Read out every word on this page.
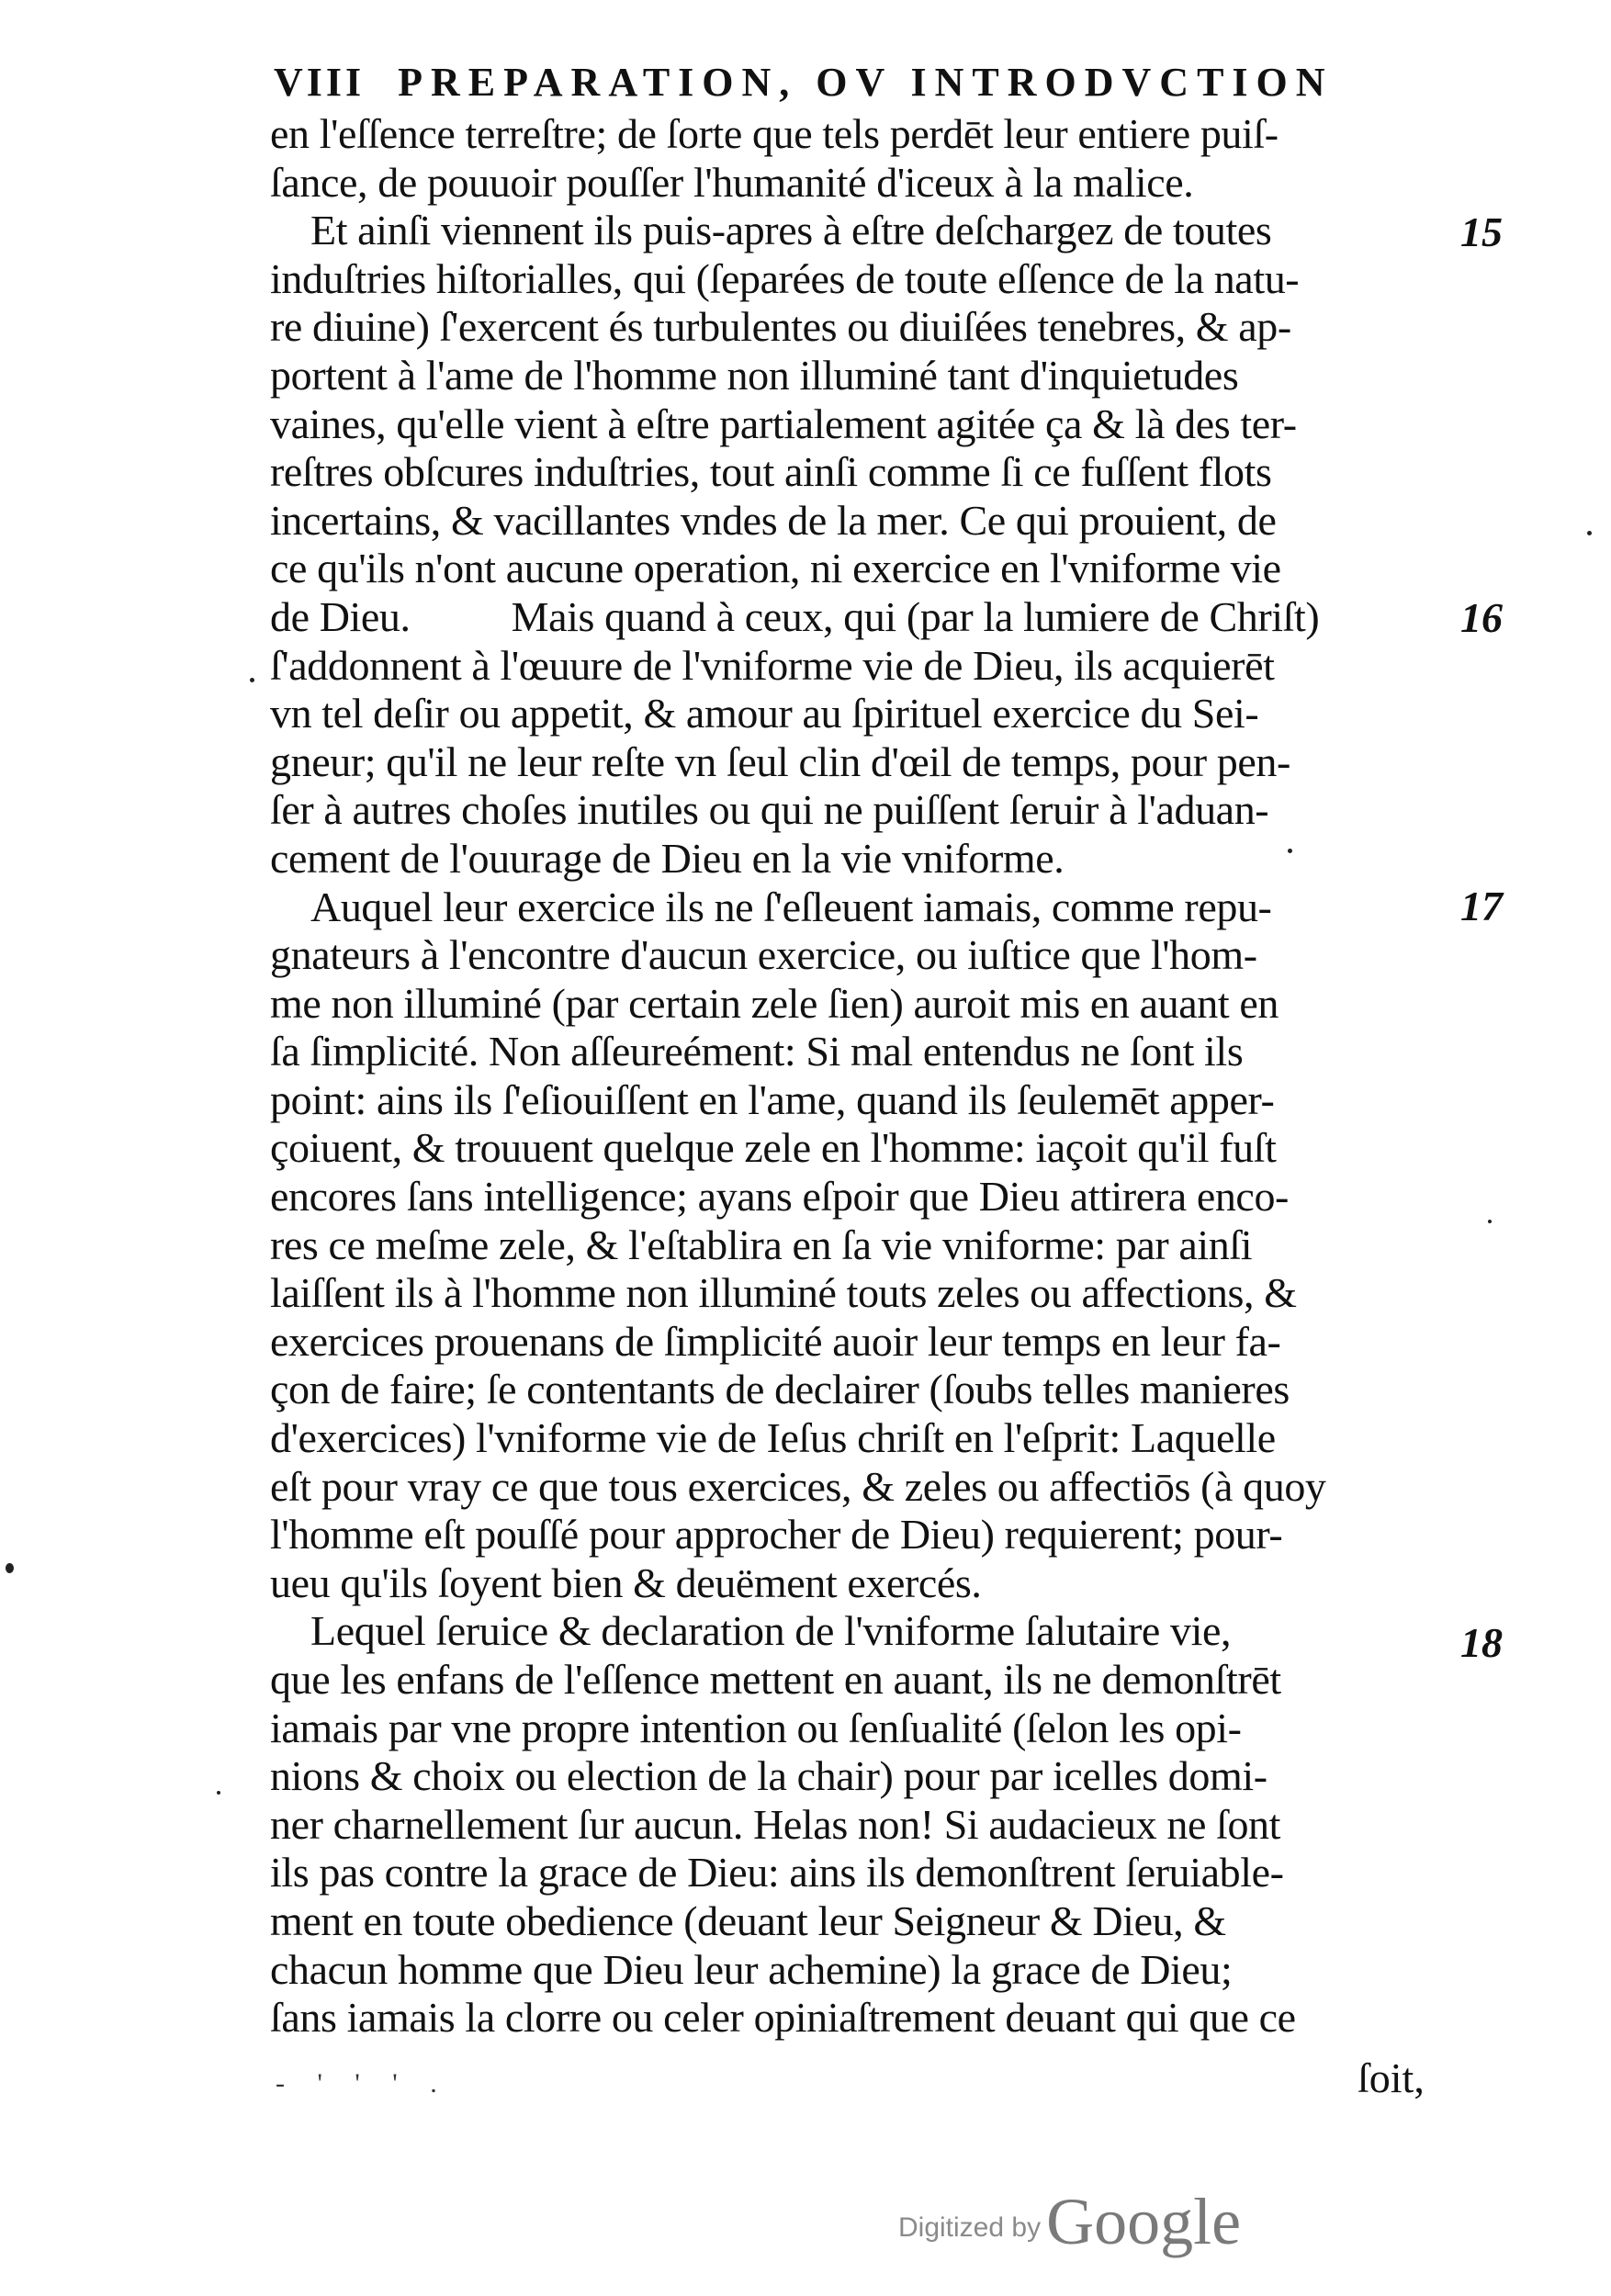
VIII PREPARATION, OV INTRODVCTION
en l'eſſence terreſtre; de ſorte que tels perdēt leur entiere puiſ-
ſance, de pouuoir pouſſer l'humanité d'iceux à la malice.
Et ainſi viennent ils puis-apres à eſtre deſchargez de toutes
induſtries hiſtorialles, qui (ſeparées de toute eſſence de la natu-
re diuine) ſ'exercent és turbulentes ou diuiſées tenebres, & ap-
portent à l'ame de l'homme non illuminé tant d'inquietudes
vaines, qu'elle vient à eſtre partialement agitée ça & là des ter-
reſtres obſcures induſtries, tout ainſi comme ſi ce fuſſent flots
incertains, & vacillantes vndes de la mer. Ce qui prouient, de
ce qu'ils n'ont aucune operation, ni exercice en l'vniforme vie
de Dieu. Mais quand à ceux, qui (par la lumiere de Chriſt)
ſ'addonnent à l'œuure de l'vniforme vie de Dieu, ils acquierēt
vn tel deſir ou appetit, & amour au ſpirituel exercice du Sei-
gneur; qu'il ne leur reſte vn ſeul clin d'œil de temps, pour pen-
ſer à autres choſes inutiles ou qui ne puiſſent ſeruir à l'aduan-
cement de l'ouurage de Dieu en la vie vniforme.
Auquel leur exercice ils ne ſ'eſleuent iamais, comme repu-
gnateurs à l'encontre d'aucun exercice, ou iuſtice que l'hom-
me non illuminé (par certain zele ſien) auroit mis en auant en
ſa ſimplicité. Non aſſeureément: Si mal entendus ne ſont ils
point: ains ils ſ'eſiouiſſent en l'ame, quand ils ſeulemēt apper-
çoiuent, & trouuent quelque zele en l'homme: iaçoit qu'il fuſt
encores ſans intelligence; ayans eſpoir que Dieu attirera enco-
res ce meſme zele, & l'eſtablira en ſa vie vniforme: par ainſi
laiſſent ils à l'homme non illuminé touts zeles ou affections, &
exercices prouenans de ſimplicité auoir leur temps en leur fa-
çon de faire; ſe contentants de declairer (ſoubs telles manieres
d'exercices) l'vniforme vie de Ieſus chriſt en l'eſprit: Laquelle
eſt pour vray ce que tous exercices, & zeles ou affectiōs (à quoy
l'homme eſt pouſſé pour approcher de Dieu) requierent; pour-
ueu qu'ils ſoyent bien & deuëment exercés.
Lequel ſeruice & declaration de l'vniforme ſalutaire vie,
que les enfans de l'eſſence mettent en auant, ils ne demonſtrēt
iamais par vne propre intention ou ſenſualité (ſelon les opi-
nions & choix ou election de la chair) pour par icelles domi-
ner charnellement ſur aucun. Helas non! Si audacieux ne ſont
ils pas contre la grace de Dieu: ains ils demonſtrent ſeruiable-
ment en toute obedience (deuant leur Seigneur & Dieu, &
chacun homme que Dieu leur achemine) la grace de Dieu;
ſans iamais la clorre ou celer opiniaſtrement deuant qui que ce
15
16
17
18
- ' ' ' .	ſoit,
Digitized byGoogle
